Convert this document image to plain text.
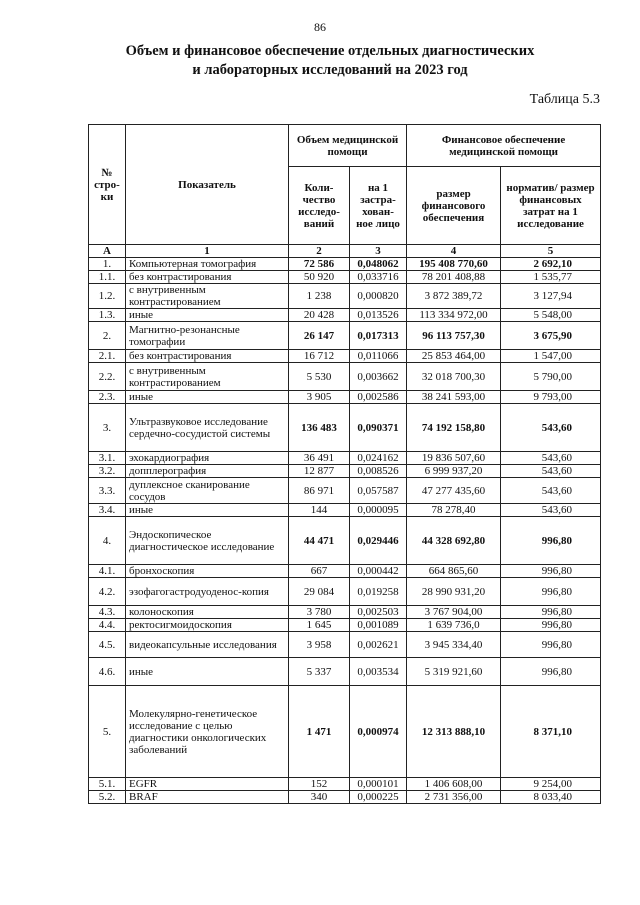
86
Объем и финансовое обеспечение отдельных диагностических
и лабораторных исследований на 2023 год
Таблица 5.3
№ стро- ки	Показатель	Объем медицинской помощи		Финансовое обеспечение медицинской помощи	
		Коли- чество исследо- ваний	на 1 застра- хован- ное лицо	размер финансового обеспечения	норматив/ размер финансовых затрат на 1 исследование
А	1	2	3	4	5
1.	Компьютерная томография	72 586	0,048062	195 408 770,60	2 692,10
1.1.	без контрастирования	50 920	0,033716	78 201 408,88	1 535,77
1.2.	с внутривенным контрастированием	1 238	0,000820	3 872 389,72	3 127,94
1.3.	иные	20 428	0,013526	113 334 972,00	5 548,00
2.	Магнитно-резонансные томографии	26 147	0,017313	96 113 757,30	3 675,90
2.1.	без контрастирования	16 712	0,011066	25 853 464,00	1 547,00
2.2.	с внутривенным контрастированием	5 530	0,003662	32 018 700,30	5 790,00
2.3.	иные	3 905	0,002586	38 241 593,00	9 793,00
3.	Ультразвуковое исследование сердечно-сосудистой системы	136 483	0,090371	74 192 158,80	543,60
3.1.	эхокардиография	36 491	0,024162	19 836 507,60	543,60
3.2.	допплерография	12 877	0,008526	6 999 937,20	543,60
3.3.	дуплексное сканирование сосудов	86 971	0,057587	47 277 435,60	543,60
3.4.	иные	144	0,000095	78 278,40	543,60
4.	Эндоскопическое диагностическое исследование	44 471	0,029446	44 328 692,80	996,80
4.1.	бронхоскопия	667	0,000442	664 865,60	996,80
4.2.	эзофагогастродуоденос-копия	29 084	0,019258	28 990 931,20	996,80
4.3.	колоноскопия	3 780	0,002503	3 767 904,00	996,80
4.4.	ректосигмоидоскопия	1 645	0,001089	1 639 736,0	996,80
4.5.	видеокапсульные исследования	3 958	0,002621	3 945 334,40	996,80
4.6.	иные	5 337	0,003534	5 319 921,60	996,80
5.	Молекулярно-генетическое исследование с целью диагностики онкологических заболеваний	1 471	0,000974	12 313 888,10	8 371,10
5.1.	EGFR	152	0,000101	1 406 608,00	9 254,00
5.2.	BRAF	340	0,000225	2 731 356,00	8 033,40
